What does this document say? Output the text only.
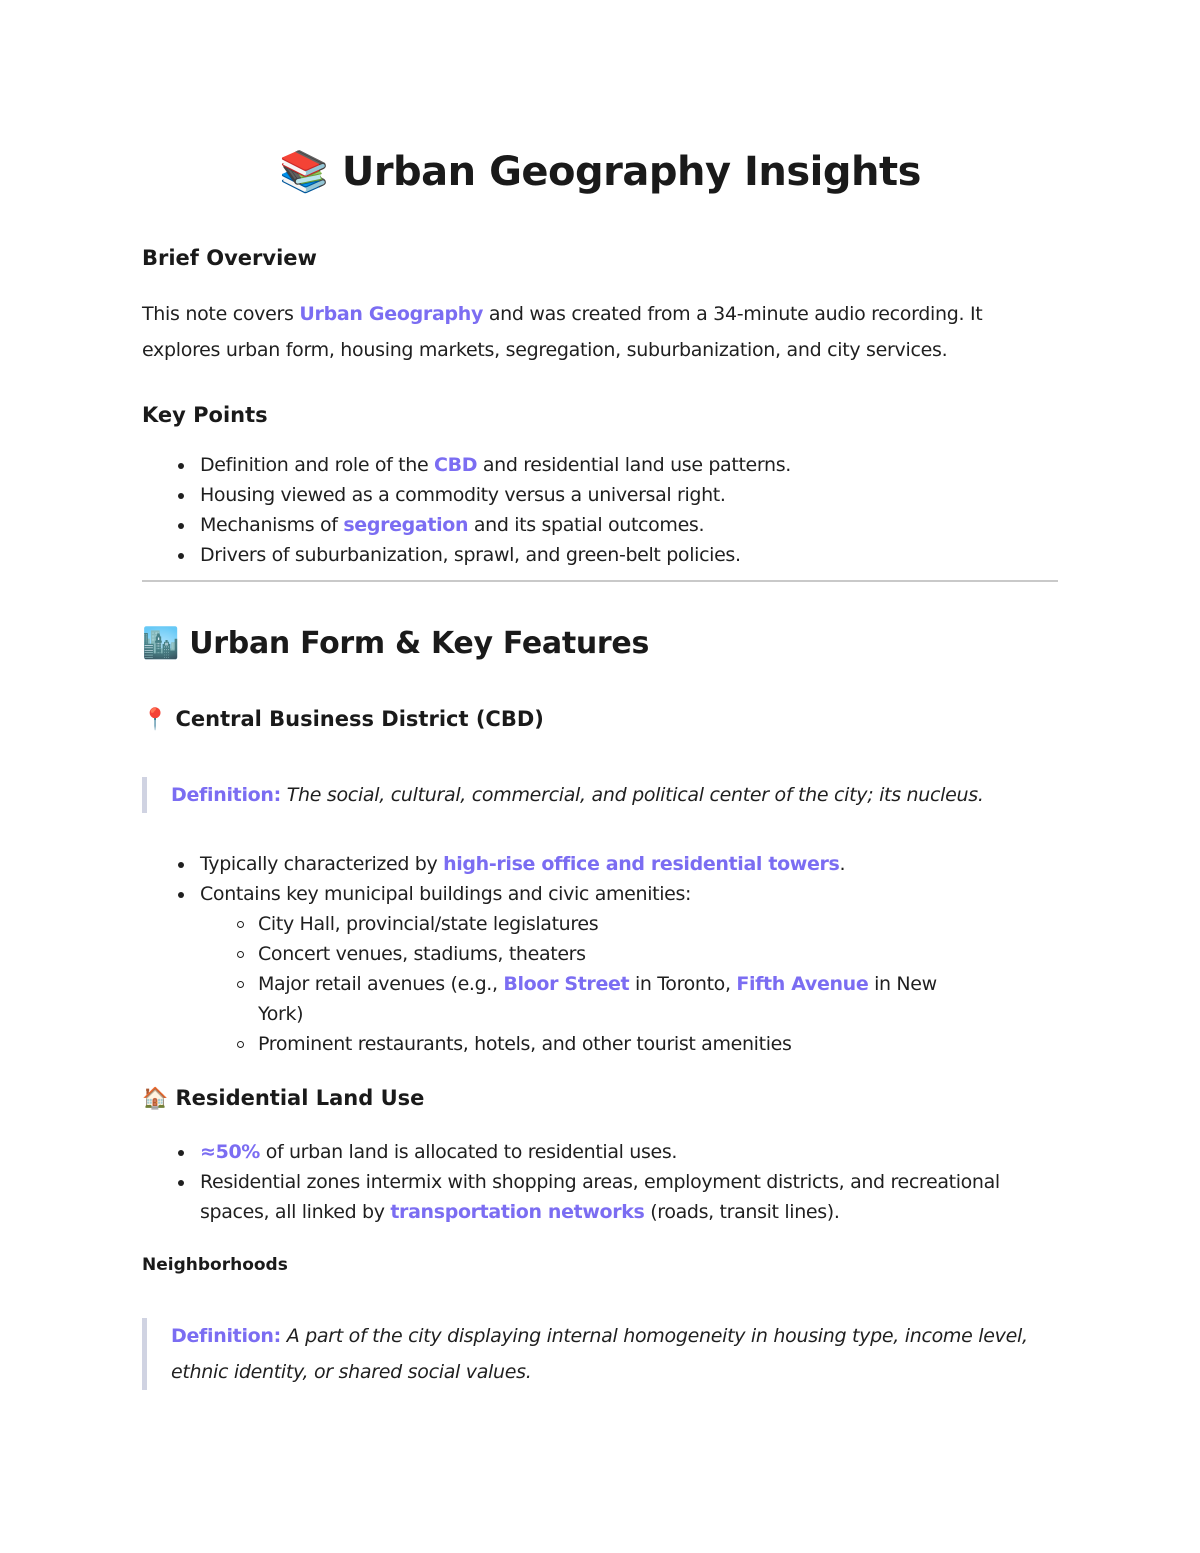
📚 Urban Geography Insights
Brief Overview

This note covers Urban Geography and was created from a 34-minute audio recording. It explores urban form, housing markets, segregation, suburbanization, and city services.

Key Points
Definition and role of the CBD and residential land use patterns.
Housing viewed as a commodity versus a universal right.
Mechanisms of segregation and its spatial outcomes.
Drivers of suburbanization, sprawl, and green-belt policies.
🏙️ Urban Form & Key Features
📍 Central Business District (CBD)
Definition: The social, cultural, commercial, and political center of the city; its nucleus.
Typically characterized by high-rise office and residential towers.
Contains key municipal buildings and civic amenities:
City Hall, provincial/state legislatures
Concert venues, stadiums, theaters
Major retail avenues (e.g., Bloor Street in Toronto, Fifth Avenue in New York)
Prominent restaurants, hotels, and other tourist amenities
🏠 Residential Land Use
≈50% of urban land is allocated to residential uses.
Residential zones intermix with shopping areas, employment districts, and recreational spaces, all linked by transportation networks (roads, transit lines).
Neighborhoods
Definition: A part of the city displaying internal homogeneity in housing type, income level, ethnic identity, or shared social values.
